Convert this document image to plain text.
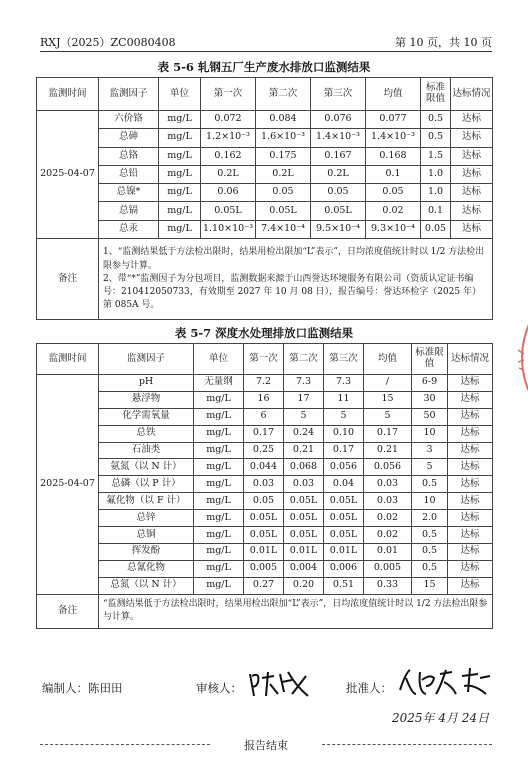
RXJ（2025）ZC0080408	第 10 页，共 10 页
表 5-6 轧钢五厂生产废水排放口监测结果
监测时间	监测因子	单位	第一次	第二次	第三次	均值	标准限值	达标情况
2025-04-07	六价铬	mg/L	0.072	0.084	0.076	0.077	0.5	达标
	总砷	mg/L	1.2×10⁻³	1.6×10⁻³	1.4×10⁻³	1.4×10⁻³	0.5	达标
	总铬	mg/L	0.162	0.175	0.167	0.168	1.5	达标
	总铅	mg/L	0.2L	0.2L	0.2L	0.1	1.0	达标
	总镍*	mg/L	0.06	0.05	0.05	0.05	1.0	达标
	总镉	mg/L	0.05L	0.05L	0.05L	0.02	0.1	达标
	总汞	mg/L	1.10×10⁻³	7.4×10⁻⁴	9.5×10⁻⁴	9.3×10⁻⁴	0.05	达标
备注	1、“监测结果低于方法检出限时，结果用检出限加“L”表示”，日均浓度值统计时以 1/2 方法检出限参与计算。

2、带“*”监测因子为分包项目，监测数据来源于山西誉达环境服务有限公司（资质认定证书编号：210412050733，有效期至 2027 年 10 月 08 日），报告编号：誉达环检字（2025 年）第 085A 号。							

表 5-7 深度水处理排放口监测结果
监测时间	监测因子	单位	第一次	第二次	第三次	均值	标准限值	达标情况
2025-04-07	pH	无量纲	7.2	7.3	7.3	/	6-9	达标
	悬浮物	mg/L	16	17	11	15	30	达标
	化学需氧量	mg/L	6	5	5	5	50	达标
	总铁	mg/L	0.17	0.24	0.10	0.17	10	达标
	石油类	mg/L	0.25	0.21	0.17	0.21	3	达标
	氨氮（以 N 计）	mg/L	0.044	0.068	0.056	0.056	5	达标
	总磷（以 P 计）	mg/L	0.03	0.03	0.04	0.03	0.5	达标
	氟化物（以 F 计）	mg/L	0.05	0.05L	0.05L	0.03	10	达标
	总锌	mg/L	0.05L	0.05L	0.05L	0.02	2.0	达标
	总铜	mg/L	0.05L	0.05L	0.05L	0.02	0.5	达标
	挥发酚	mg/L	0.01L	0.01L	0.01L	0.01	0.5	达标
	总氰化物	mg/L	0.005	0.004	0.006	0.005	0.5	达标
	总氮（以 N 计）	mg/L	0.27	0.20	0.51	0.33	15	达标
备注	“监测结果低于方法检出限时，结果用检出限加“L”表示”，日均浓度值统计时以 1/2 方法检出限参与计算。							

编制人：陈田田	审核人：	批准人：
2025年 4月 24日
报告结束
